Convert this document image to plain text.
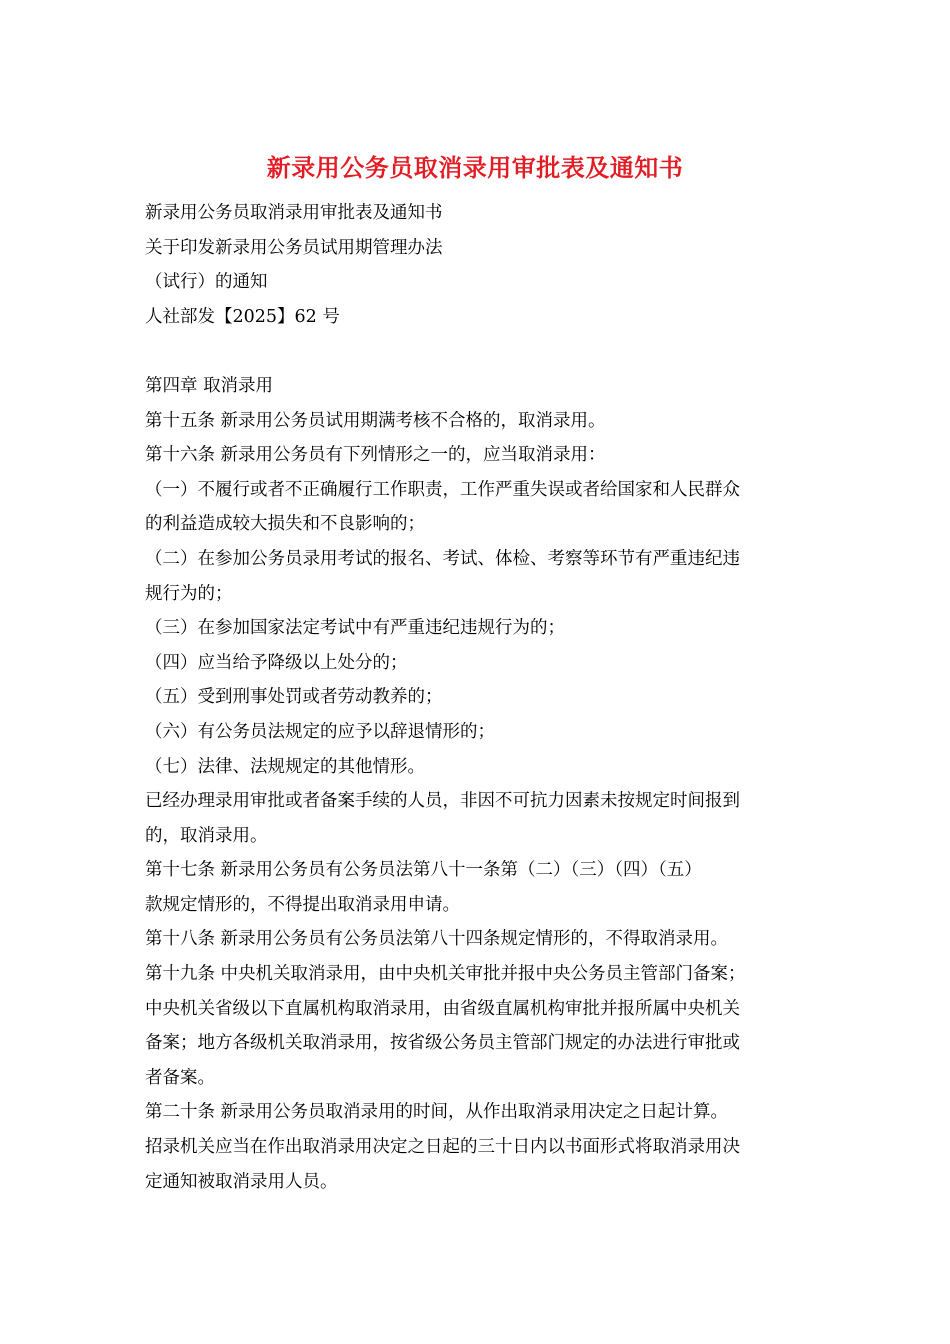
新录用公务员取消录用审批表及通知书
新录用公务员取消录用审批表及通知书
关于印发新录用公务员试用期管理办法
（试行）的通知
人社部发【2025】62 号
第四章 取消录用
第十五条 新录用公务员试用期满考核不合格的，取消录用。
第十六条 新录用公务员有下列情形之一的，应当取消录用：
（一）不履行或者不正确履行工作职责，工作严重失误或者给国家和人民群众
的利益造成较大损失和不良影响的；
（二）在参加公务员录用考试的报名、考试、体检、考察等环节有严重违纪违
规行为的；
（三）在参加国家法定考试中有严重违纪违规行为的；
（四）应当给予降级以上处分的；
（五）受到刑事处罚或者劳动教养的；
（六）有公务员法规定的应予以辞退情形的；
（七）法律、法规规定的其他情形。
已经办理录用审批或者备案手续的人员，非因不可抗力因素未按规定时间报到
的，取消录用。
第十七条 新录用公务员有公务员法第八十一条第（二）（三）（四）（五）
款规定情形的，不得提出取消录用申请。
第十八条 新录用公务员有公务员法第八十四条规定情形的，不得取消录用。
第十九条 中央机关取消录用，由中央机关审批并报中央公务员主管部门备案；
中央机关省级以下直属机构取消录用，由省级直属机构审批并报所属中央机关
备案；地方各级机关取消录用，按省级公务员主管部门规定的办法进行审批或
者备案。
第二十条 新录用公务员取消录用的时间，从作出取消录用决定之日起计算。
招录机关应当在作出取消录用决定之日起的三十日内以书面形式将取消录用决
定通知被取消录用人员。
